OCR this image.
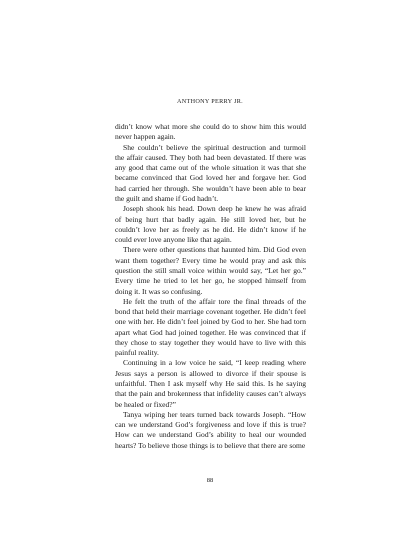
ANTHONY PERRY JR.

didn’t know what more she could do to show him this would never happen again.

She couldn’t believe the spiritual destruction and turmoil the affair caused. They both had been devastated. If there was any good that came out of the whole situation it was that she became convinced that God loved her and forgave her. God had carried her through. She wouldn’t have been able to bear the guilt and shame if God hadn’t.

Joseph shook his head. Down deep he knew he was afraid of being hurt that badly again. He still loved her, but he couldn’t love her as freely as he did. He didn’t know if he could ever love anyone like that again.

There were other questions that haunted him. Did God even want them together? Every time he would pray and ask this question the still small voice within would say, “Let her go.” Every time he tried to let her go, he stopped himself from doing it. It was so confusing.

He felt the truth of the affair tore the final threads of the bond that held their marriage covenant together. He didn’t feel one with her. He didn’t feel joined by God to her. She had torn apart what God had joined together. He was convinced that if they chose to stay together they would have to live with this painful reality.

Continuing in a low voice he said, “I keep reading where Jesus says a person is allowed to divorce if their spouse is unfaithful. Then I ask myself why He said this. Is he saying that the pain and brokenness that infidelity causes can’t always be healed or fixed?”

Tanya wiping her tears turned back towards Joseph. “How can we understand God’s forgiveness and love if this is true? How can we understand God’s ability to heal our wounded hearts? To believe those things is to believe that there are some

88
